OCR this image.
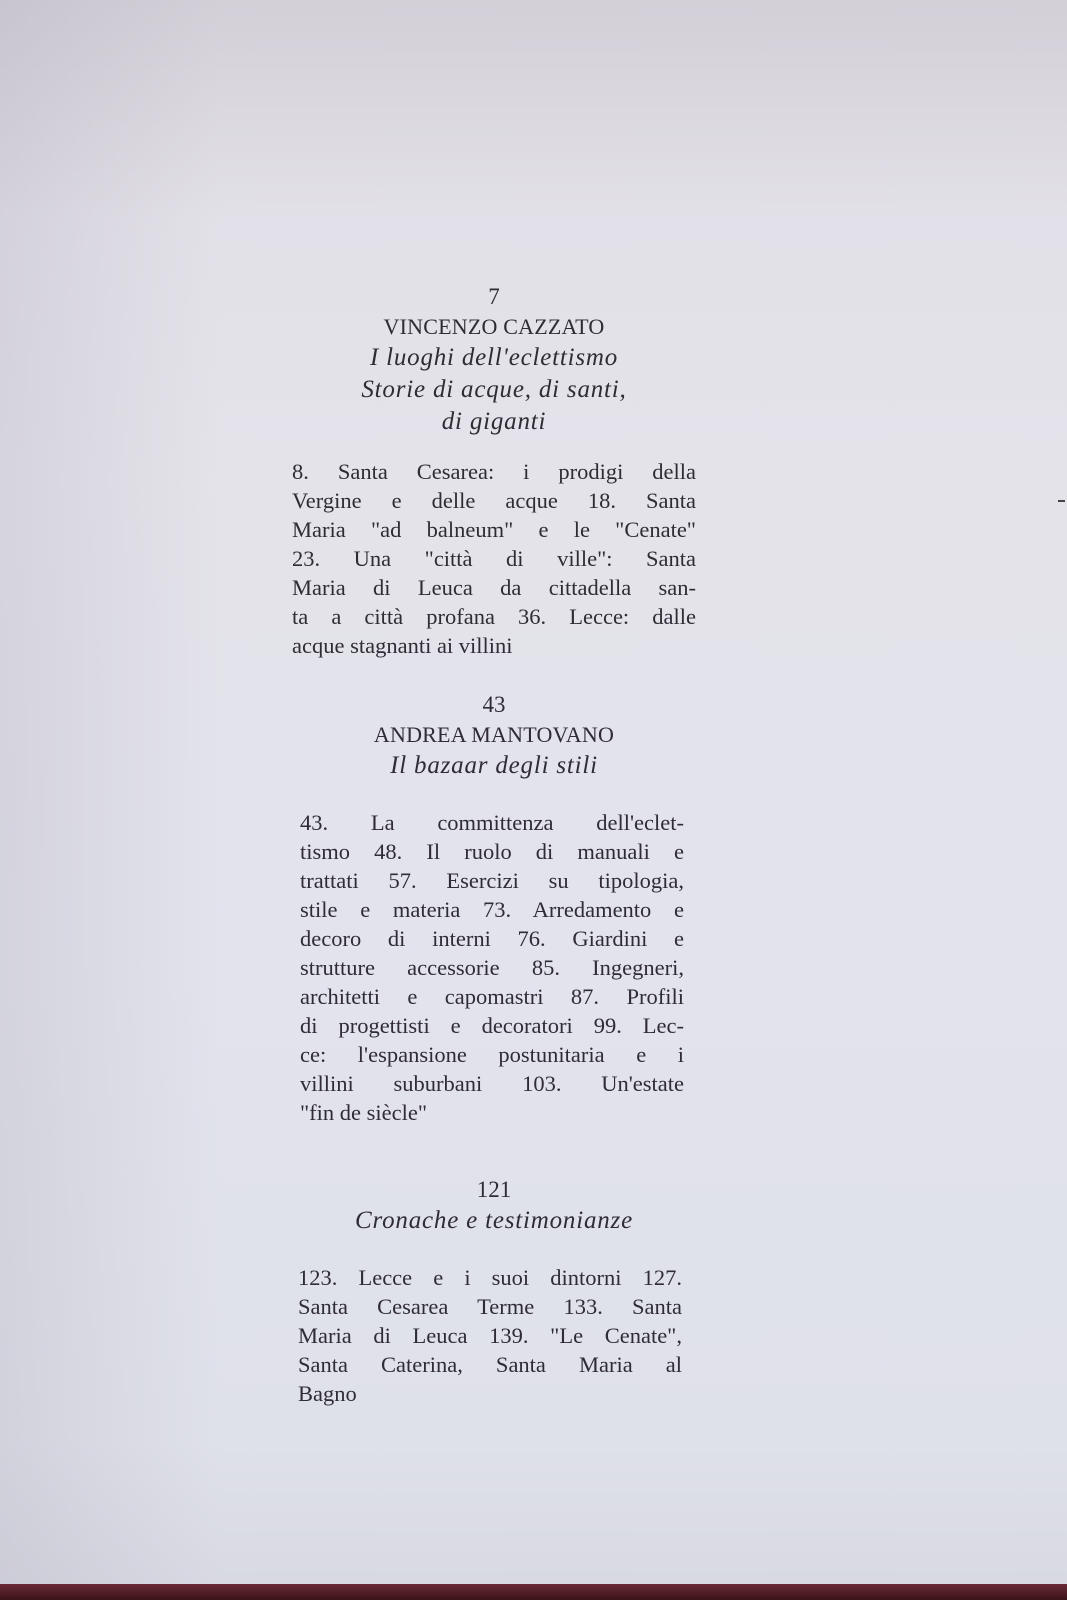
7
VINCENZO CAZZATO
I luoghi dell'eclettismo
Storie di acque, di santi,
di giganti
8. Santa Cesarea: i prodigi della
Vergine e delle acque 18. Santa
Maria "ad balneum" e le "Cenate"
23. Una "città di ville": Santa
Maria di Leuca da cittadella san-
ta a città profana 36. Lecce: dalle
acque stagnanti ai villini
43
ANDREA MANTOVANO
Il bazaar degli stili
43. La committenza dell'eclet-
tismo 48. Il ruolo di manuali e
trattati 57. Esercizi su tipologia,
stile e materia 73. Arredamento e
decoro di interni 76. Giardini e
strutture accessorie 85. Ingegneri,
architetti e capomastri 87. Profili
di progettisti e decoratori 99. Lec-
ce: l'espansione postunitaria e i
villini suburbani 103. Un'estate
"fin de siècle"
121
Cronache e testimonianze
123. Lecce e i suoi dintorni 127.
Santa Cesarea Terme 133. Santa
Maria di Leuca 139. "Le Cenate",
Santa Caterina, Santa Maria al
Bagno
